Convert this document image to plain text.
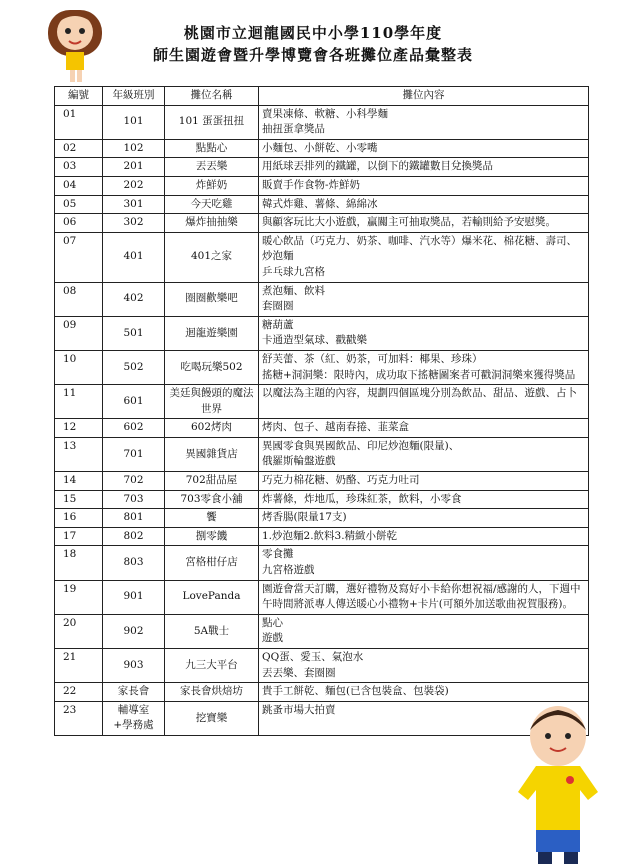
桃園市立迴龍國民中小學110學年度
師生園遊會暨升學博覽會各班攤位產品彙整表
編號	年級班別	攤位名稱	攤位內容
01	101	101 蛋蛋扭扭	賣果凍條、軟糖、小科學麵
抽扭蛋拿獎品
02	102	點點心	小麵包、小餅乾、小零嘴
03	201	丟丟樂	用紙球丟排列的鐵罐，以倒下的鐵罐數目兌換獎品
04	202	炸鮮奶	販賣手作食物-炸鮮奶
05	301	今天吃雞	韓式炸雞、薯條、綿綿冰
06	302	爆炸抽抽樂	與顧客玩比大小遊戲，贏關主可抽取獎品，若輸則給予安慰獎。
07	401	401之家	暖心飲品（巧克力、奶茶、咖啡、汽水等）爆米花、棉花糖、壽司、炒泡麵
乒乓球九宮格
08	402	圈圈歡樂吧	煮泡麵、飲料
套圈圈
09	501	迴龍遊樂園	糖葫蘆
卡通造型氣球、戳戳樂
10	502	吃喝玩樂502	舒芙蕾、茶（紅、奶茶，可加料：椰果、珍珠）
搖糖+洞洞樂：限時內，成功取下搖糖圖案者可戳洞洞樂來獲得獎品
11	601	美廷與饅頭的魔法世界	以魔法為主題的內容，規劃四個區塊分別為飲品、甜品、遊戲、占卜
12	602	602烤肉	烤肉、包子、越南春捲、韮菜盒
13	701	異國雜貨店	異國零食與異國飲品、印尼炒泡麵(限量)、
俄羅斯輪盤遊戲
14	702	702甜品屋	巧克力棉花糖、奶酪、巧克力吐司
15	703	703零食小舖	炸薯條，炸地瓜，珍珠紅茶，飲料，小零食
16	801	饗	烤香腸(限量17支)
17	802	捌零饑	1.炒泡麵2.飲料3.精緻小餅乾
18	803	宮格柑仔店	零食攤
九宮格遊戲
19	901	LovePanda	園遊會當天訂購，選好禮物及寫好小卡給你想祝福/感謝的人，下週中午時間將派專人傳送暖心小禮物+卡片(可額外加送歌曲祝賀服務)。
20	902	5A戰士	點心
遊戲
21	903	九三大平台	QQ蛋、愛玉、氣泡水
丟丟樂、套圈圈
22	家長會	家長會烘焙坊	貴手工餅乾、麵包(已含包裝盒、包裝袋)
23	輔導室
+學務處	挖寶樂	跳蚤市場大拍賣
